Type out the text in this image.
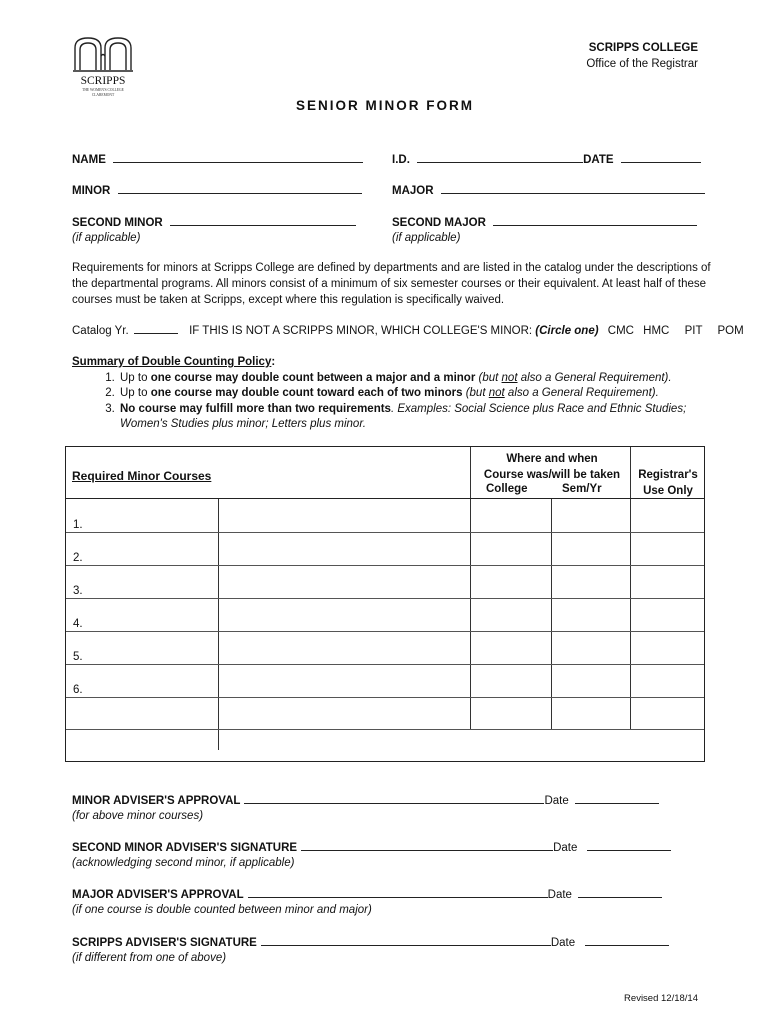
SCRIPPS
THE WOMEN'S COLLEGE
CLAREMONT
SCRIPPS COLLEGE
Office of the Registrar
SENIOR MINOR FORM
NAME	I.D.	DATE
MINOR	MAJOR
SECOND MINOR
(if applicable)
SECOND MAJOR
(if applicable)
Requirements for minors at Scripps College are defined by departments and are listed in the catalog under the descriptions of the departmental programs. All minors consist of a minimum of six semester courses or their equivalent. At least half of these courses must be taken at Scripps, except where this regulation is specifically waived.
Catalog Yr.	IF THIS IS NOT A SCRIPPS MINOR, WHICH COLLEGE'S MINOR: (Circle one) CMC HMC PIT POM
Summary of Double Counting Policy:
1. Up to one course may double count between a major and a minor (but not also a General Requirement).
2. Up to one course may double count toward each of two minors (but not also a General Requirement).
3. No course may fulfill more than two requirements. Examples: Social Science plus Race and Ethnic Studies; Women's Studies plus minor; Letters plus minor.
Required Minor Courses
Where and when
Course was/will be taken
College	Sem/Yr
Registrar's
Use Only
1.
2.
3.
4.
5.
6.
MINOR ADVISER'S APPROVAL	Date
(for above minor courses)
SECOND MINOR ADVISER'S SIGNATURE	Date
(acknowledging second minor, if applicable)
MAJOR ADVISER'S APPROVAL	Date
(if one course is double counted between minor and major)
SCRIPPS ADVISER'S SIGNATURE	Date
(if different from one of above)
Revised 12/18/14
